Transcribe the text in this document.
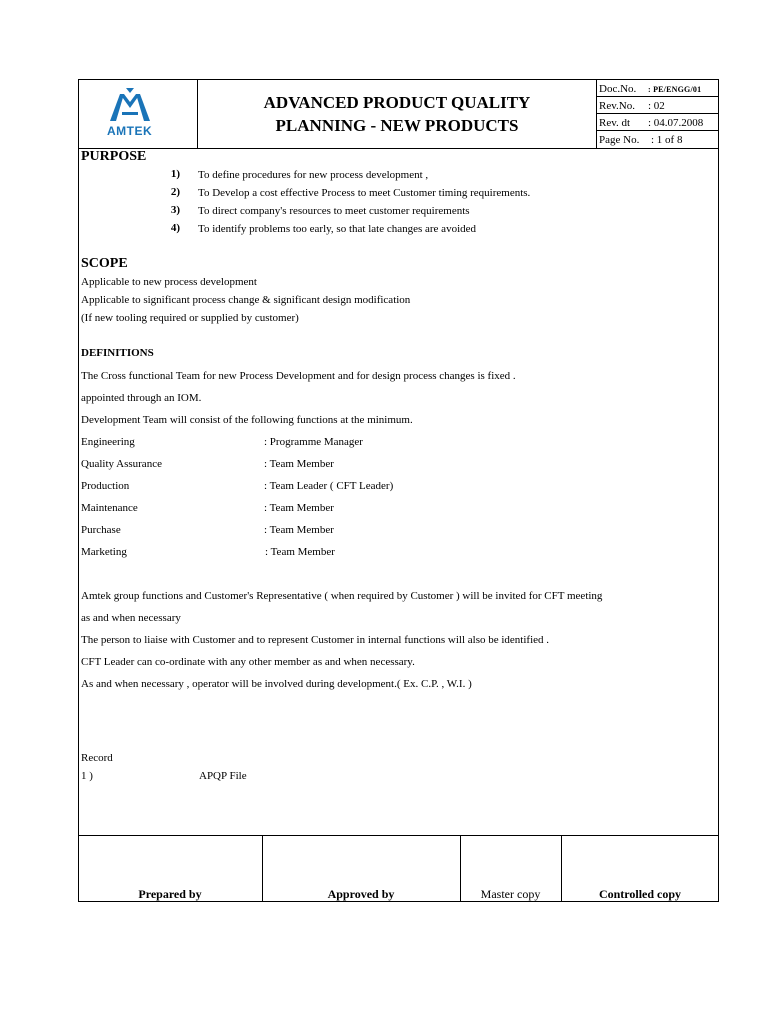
AMTEK
ADVANCED PRODUCT QUALITY
PLANNING - NEW PRODUCTS
Doc.No. : PE/ENGG/01
Rev.No. : 02
Rev. dt : 04.07.2008
Page No. : 1 of 8
PURPOSE
1) To define procedures for new process development ,
2) To Develop a cost effective Process to meet Customer timing requirements.
3) To direct company's resources to meet customer requirements
4) To identify problems too early, so that late changes are avoided
SCOPE
Applicable to new process development
Applicable to significant process change & significant design modification
(If new tooling required or supplied by customer)
DEFINITIONS
The Cross functional Team for new Process Development and for design process changes is fixed .
appointed through an IOM.
Development Team will consist of the following functions at the minimum.
Engineering	: Programme Manager
Quality Assurance	: Team Member
Production	: Team Leader ( CFT Leader)
Maintenance	: Team Member
Purchase	: Team Member
Marketing	: Team Member
Amtek group functions and Customer's Representative ( when required by Customer ) will be invited for CFT meeting
as and when necessary
The person to liaise with Customer and to represent Customer in internal functions will also be identified .
CFT Leader can co-ordinate with any other member as and when necessary.
As and when necessary , operator will be involved during development.( Ex. C.P. , W.I. )
Record
1 )	APQP File
Prepared by	Approved by	Master copy	Controlled copy
